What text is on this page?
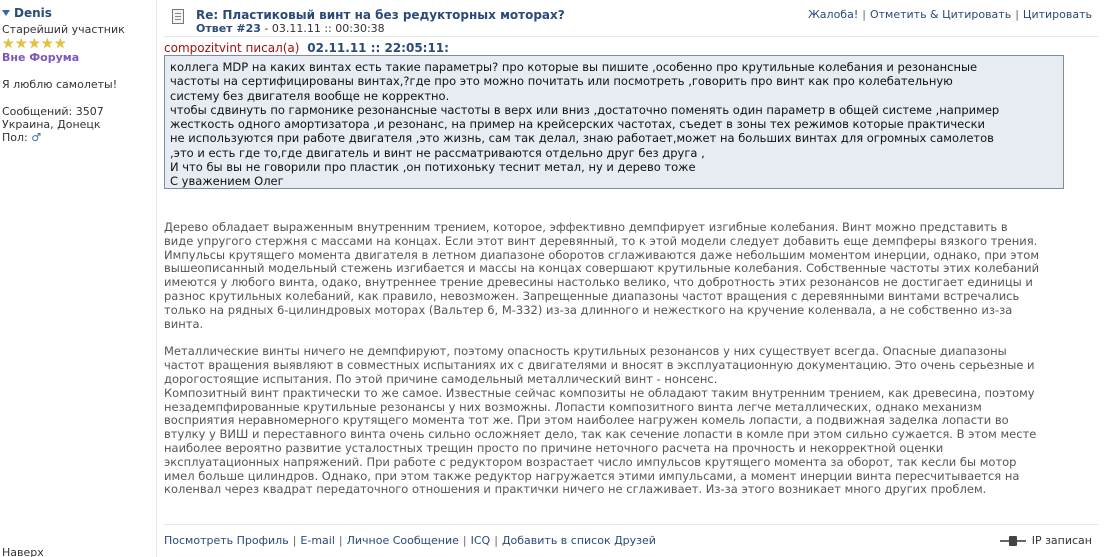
Denis
Старейший участник
★ ★ ★ ★ ★
Вне Форума
Я люблю самолеты!
Сообщений: 3507
Украина, Донецк
Пол: ♂
Наверх
Re: Пластиковый винт на без редукторных моторах?
Ответ #23 - 03.11.11 :: 00:30:38
Жалоба! | Отметить & Цитировать | Цитировать
compozitvint писал(а) 02.11.11 :: 22:05:11:

коллега MDP на каких винтах есть такие параметры? про которые вы пишите ,особенно про крутильные колебания и резонансные

частоты на сертифицированы винтах,?где про это можно почитать или посмотреть ,говорить про винт как про колебательную

систему без двигателя вообще не корректно.

чтобы сдвинуть по гармонике резонансные частоты в верх или вниз ,достаточно поменять один параметр в общей системе ,например

жесткость одного амортизатора ,и резонанс, на пример на крейсерских частотах, съедет в зоны тех режимов которые практически

не используются при работе двигателя ,это жизнь, сам так делал, знаю работает,может на больших винтах для огромных самолетов

,это и есть где то,где двигатель и винт не рассматриваются отдельно друг без друга ,

И что бы вы не говорили про пластик ,он потихоньку теснит метал, ну и дерево тоже

С уважением Олег

Дерево обладает выраженным внутренним трением, которое, эффективно демпфирует изгибные колебания. Винт можно представить в

виде упругого стержня с массами на концах. Если этот винт деревянный, то к этой модели следует добавить еще демпферы вязкого трения.

Импульсы крутящего момента двигателя в летном диапазоне оборотов сглаживаются даже небольшим моментом инерции, однако, при этом

вышеописанный модельный стежень изгибается и массы на концах совершают крутильные колебания. Собственные частоты этих колебаний

имеются у любого винта, одако, внутреннее трение древесины настолько велико, что добротность этих резонансов не достигает единицы и

разнос крутильных колебаний, как правило, невозможен. Запрещенные диапазоны частот вращения с деревянными винтами встречались

только на рядных 6-цилиндровых моторах (Вальтер 6, М-332) из-за длинного и нежесткого на кручение коленвала, а не собственно из-за

винта.

Металлические винты ничего не демпфируют, поэтому опасность крутильных резонансов у них существует всегда. Опасные диапазоны

частот вращения выявляют в совместных испытаниях их с двигателями и вносят в эксплуатационную документацию. Это очень серьезные и

дорогостоящие испытания. По этой причине самодельный металлический винт - нонсенс.

Композитный винт практически то же самое. Известные сейчас композиты не обладают таким внутренним трением, как древесина, поэтому

незадемпфированные крутильные резонансы у них возможны. Лопасти композитного винта легче металлических, однако механизм

восприятия неравномерного крутящего момента тот же. При этом наиболее нагружен комель лопасти, а подвижная заделка лопасти во

втулку у ВИШ и переставного винта очень сильно осложняет дело, так как сечение лопасти в комле при этом сильно сужается. В этом месте

наиболее вероятно развитие усталостных трещин просто по причине неточного расчета на прочность и некорректной оценки

эксплуатационных напряжений. При работе с редуктором возрастает число импульсов крутящего момента за оборот, так кесли бы мотор

имел больше цилиндров. Однако, при этом также редуктор нагружается этими импульсами, а момент инерции винта пересчитывается на

коленвал через квадрат передаточного отношения и практички ничего не сглаживает. Из-за этого возникает много других проблем.

Посмотреть Профиль | E-mail | Личное Сообщение | ICQ | Добавить в список Друзей	IP записан
